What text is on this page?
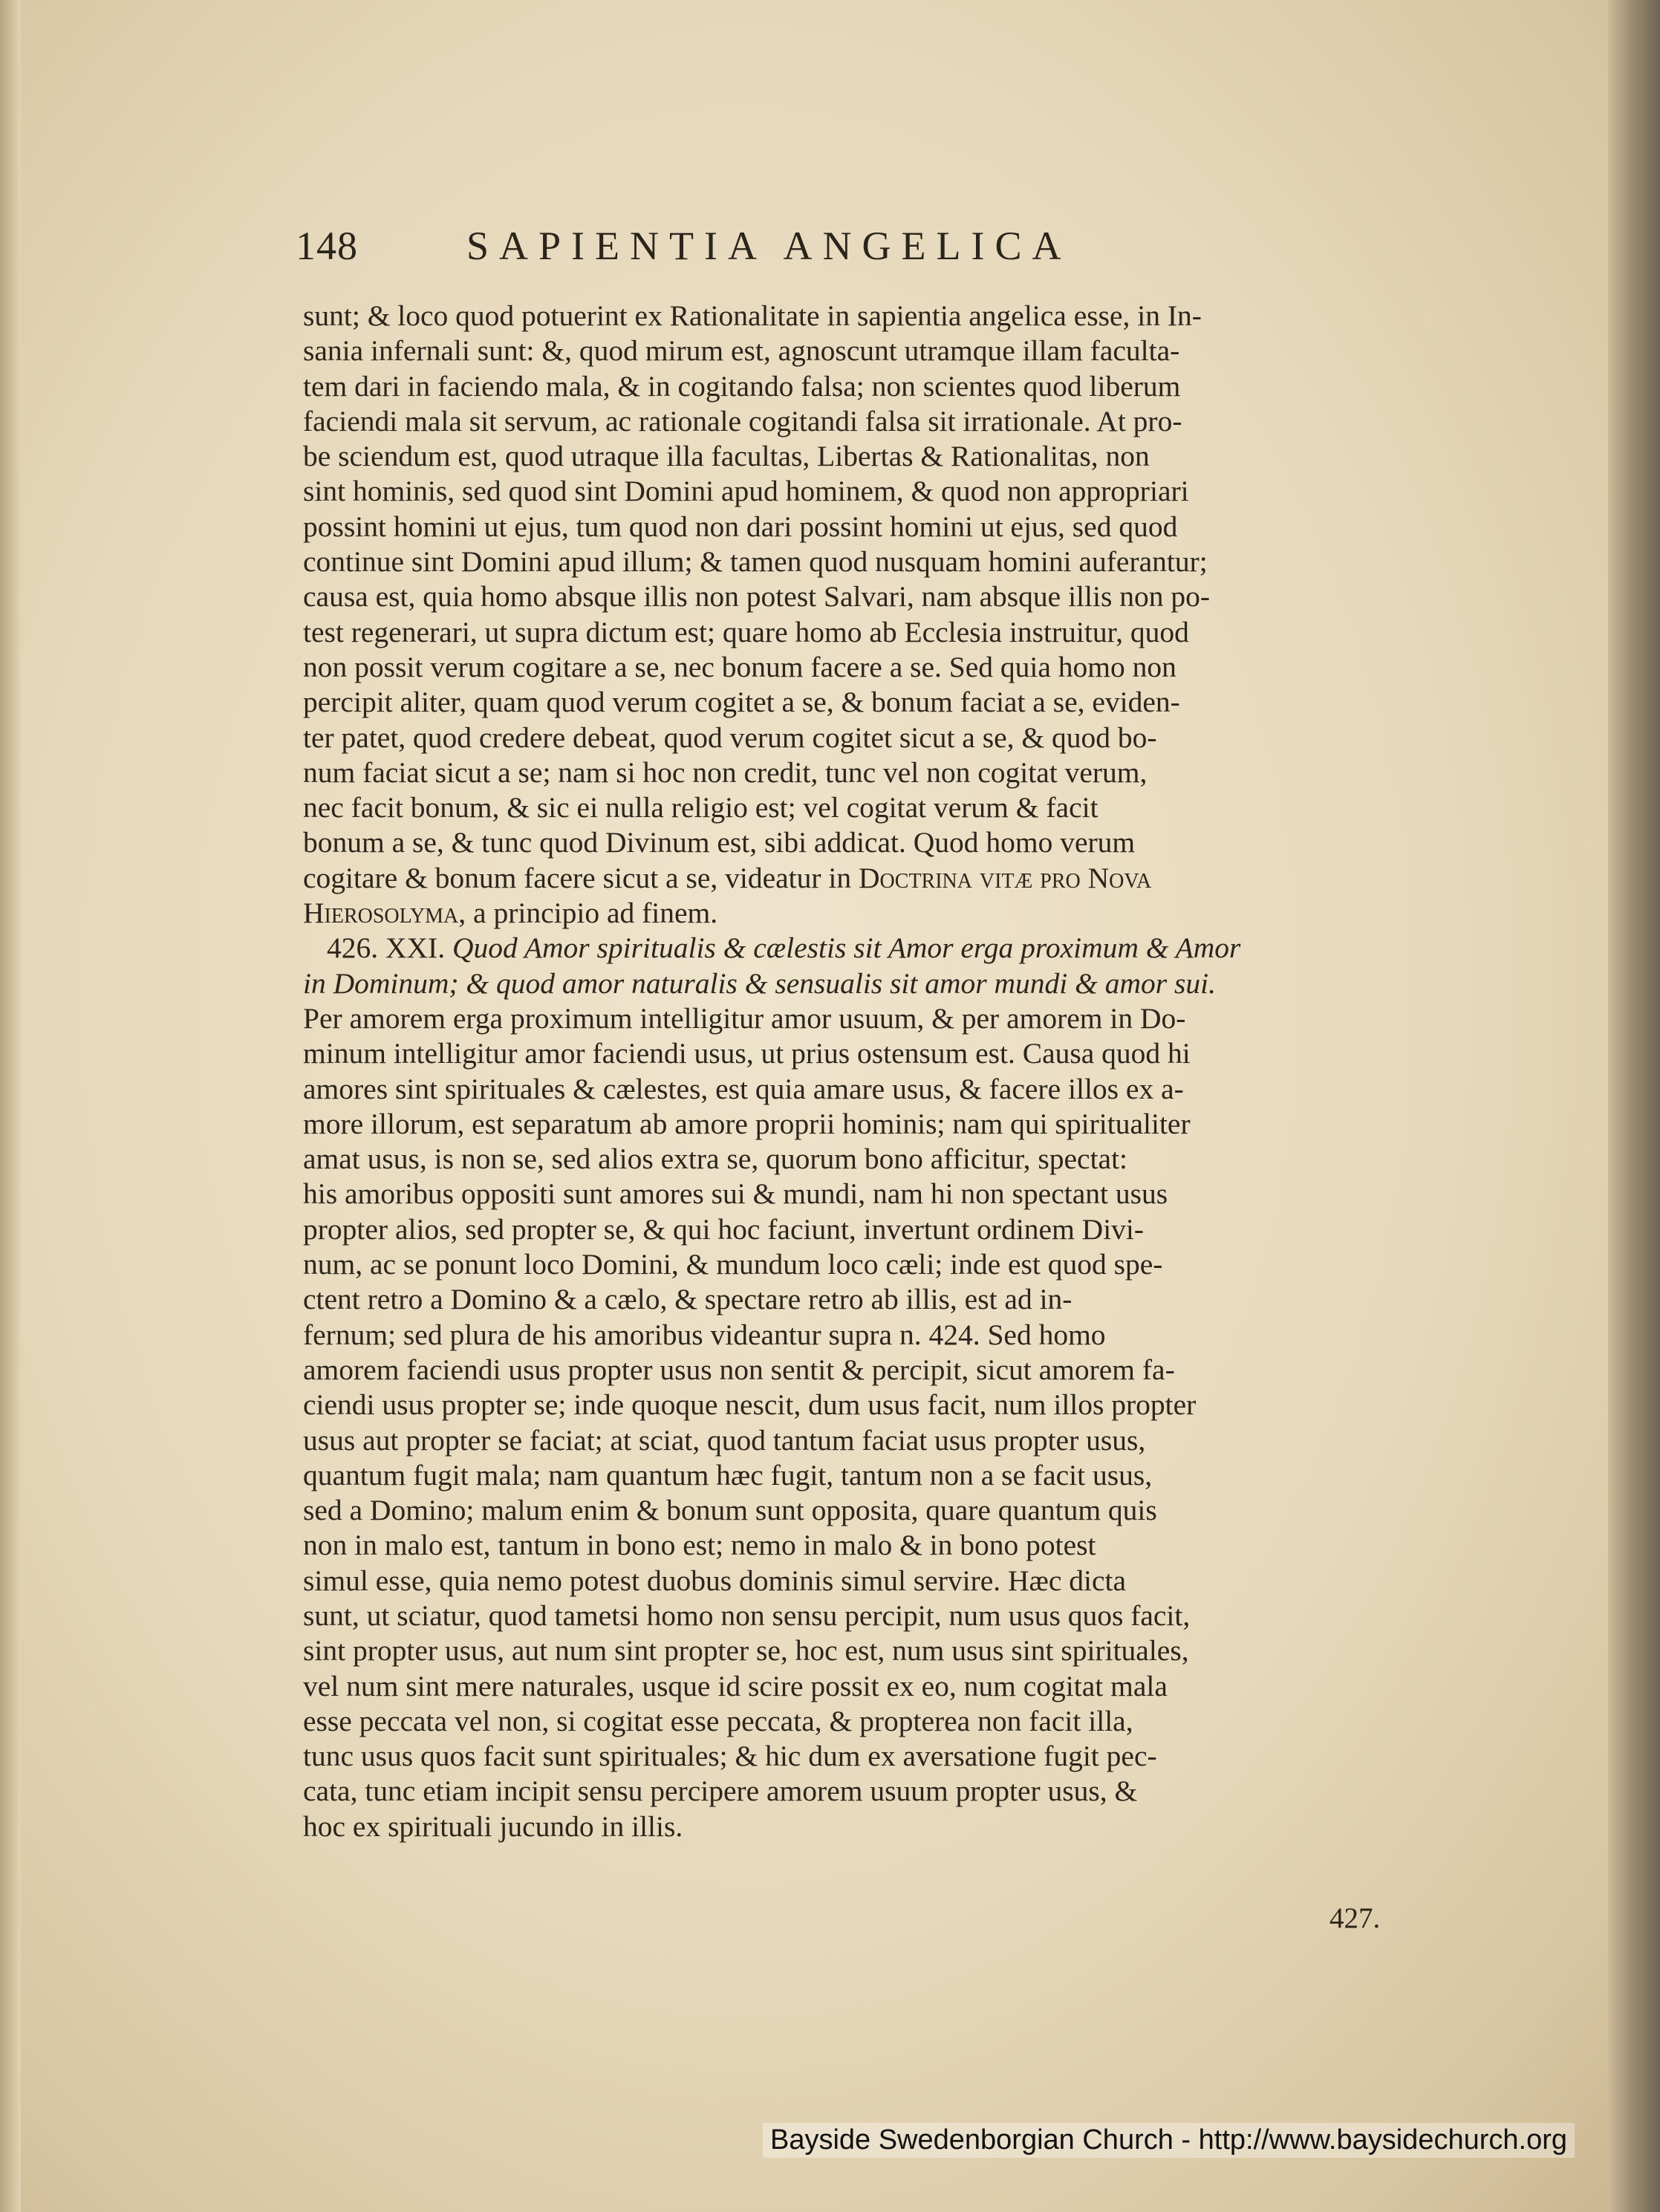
148	SAPIENTIA ANGELICA
sunt; & loco quod potuerint ex Rationalitate in sapientia angelica esse, in In-
sania infernali sunt: &, quod mirum est, agnoscunt utramque illam faculta-
tem dari in faciendo mala, & in cogitando falsa; non scientes quod liberum
faciendi mala sit servum, ac rationale cogitandi falsa sit irrationale. At pro-
be sciendum est, quod utraque illa facultas, Libertas & Rationalitas, non
sint hominis, sed quod sint Domini apud hominem, & quod non appropriari
possint homini ut ejus, tum quod non dari possint homini ut ejus, sed quod
continue sint Domini apud illum; & tamen quod nusquam homini auferantur;
causa est, quia homo absque illis non potest Salvari, nam absque illis non po-
test regenerari, ut supra dictum est; quare homo ab Ecclesia instruitur, quod
non possit verum cogitare a se, nec bonum facere a se. Sed quia homo non
percipit aliter, quam quod verum cogitet a se, & bonum faciat a se, eviden-
ter patet, quod credere debeat, quod verum cogitet sicut a se, & quod bo-
num faciat sicut a se; nam si hoc non credit, tunc vel non cogitat verum,
nec facit bonum, & sic ei nulla religio est; vel cogitat verum & facit
bonum a se, & tunc quod Divinum est, sibi addicat. Quod homo verum
cogitare & bonum facere sicut a se, videatur in Doctrina vitæ pro Nova
Hierosolyma, a principio ad finem.
426. XXI. Quod Amor spiritualis & cælestis sit Amor erga proximum & Amor
in Dominum; & quod amor naturalis & sensualis sit amor mundi & amor sui.
Per amorem erga proximum intelligitur amor usuum, & per amorem in Do-
minum intelligitur amor faciendi usus, ut prius ostensum est. Causa quod hi
amores sint spirituales & cælestes, est quia amare usus, & facere illos ex a-
more illorum, est separatum ab amore proprii hominis; nam qui spiritualiter
amat usus, is non se, sed alios extra se, quorum bono afficitur, spectat:
his amoribus oppositi sunt amores sui & mundi, nam hi non spectant usus
propter alios, sed propter se, & qui hoc faciunt, invertunt ordinem Divi-
num, ac se ponunt loco Domini, & mundum loco cæli; inde est quod spe-
ctent retro a Domino & a cælo, & spectare retro ab illis, est ad in-
fernum; sed plura de his amoribus videantur supra n. 424. Sed homo
amorem faciendi usus propter usus non sentit & percipit, sicut amorem fa-
ciendi usus propter se; inde quoque nescit, dum usus facit, num illos propter
usus aut propter se faciat; at sciat, quod tantum faciat usus propter usus,
quantum fugit mala; nam quantum hæc fugit, tantum non a se facit usus,
sed a Domino; malum enim & bonum sunt opposita, quare quantum quis
non in malo est, tantum in bono est; nemo in malo & in bono potest
simul esse, quia nemo potest duobus dominis simul servire. Hæc dicta
sunt, ut sciatur, quod tametsi homo non sensu percipit, num usus quos facit,
sint propter usus, aut num sint propter se, hoc est, num usus sint spirituales,
vel num sint mere naturales, usque id scire possit ex eo, num cogitat mala
esse peccata vel non, si cogitat esse peccata, & propterea non facit illa,
tunc usus quos facit sunt spirituales; & hic dum ex aversatione fugit pec-
cata, tunc etiam incipit sensu percipere amorem usuum propter usus, &
hoc ex spirituali jucundo in illis.
427.
Bayside Swedenborgian Church - http://www.baysidechurch.org
